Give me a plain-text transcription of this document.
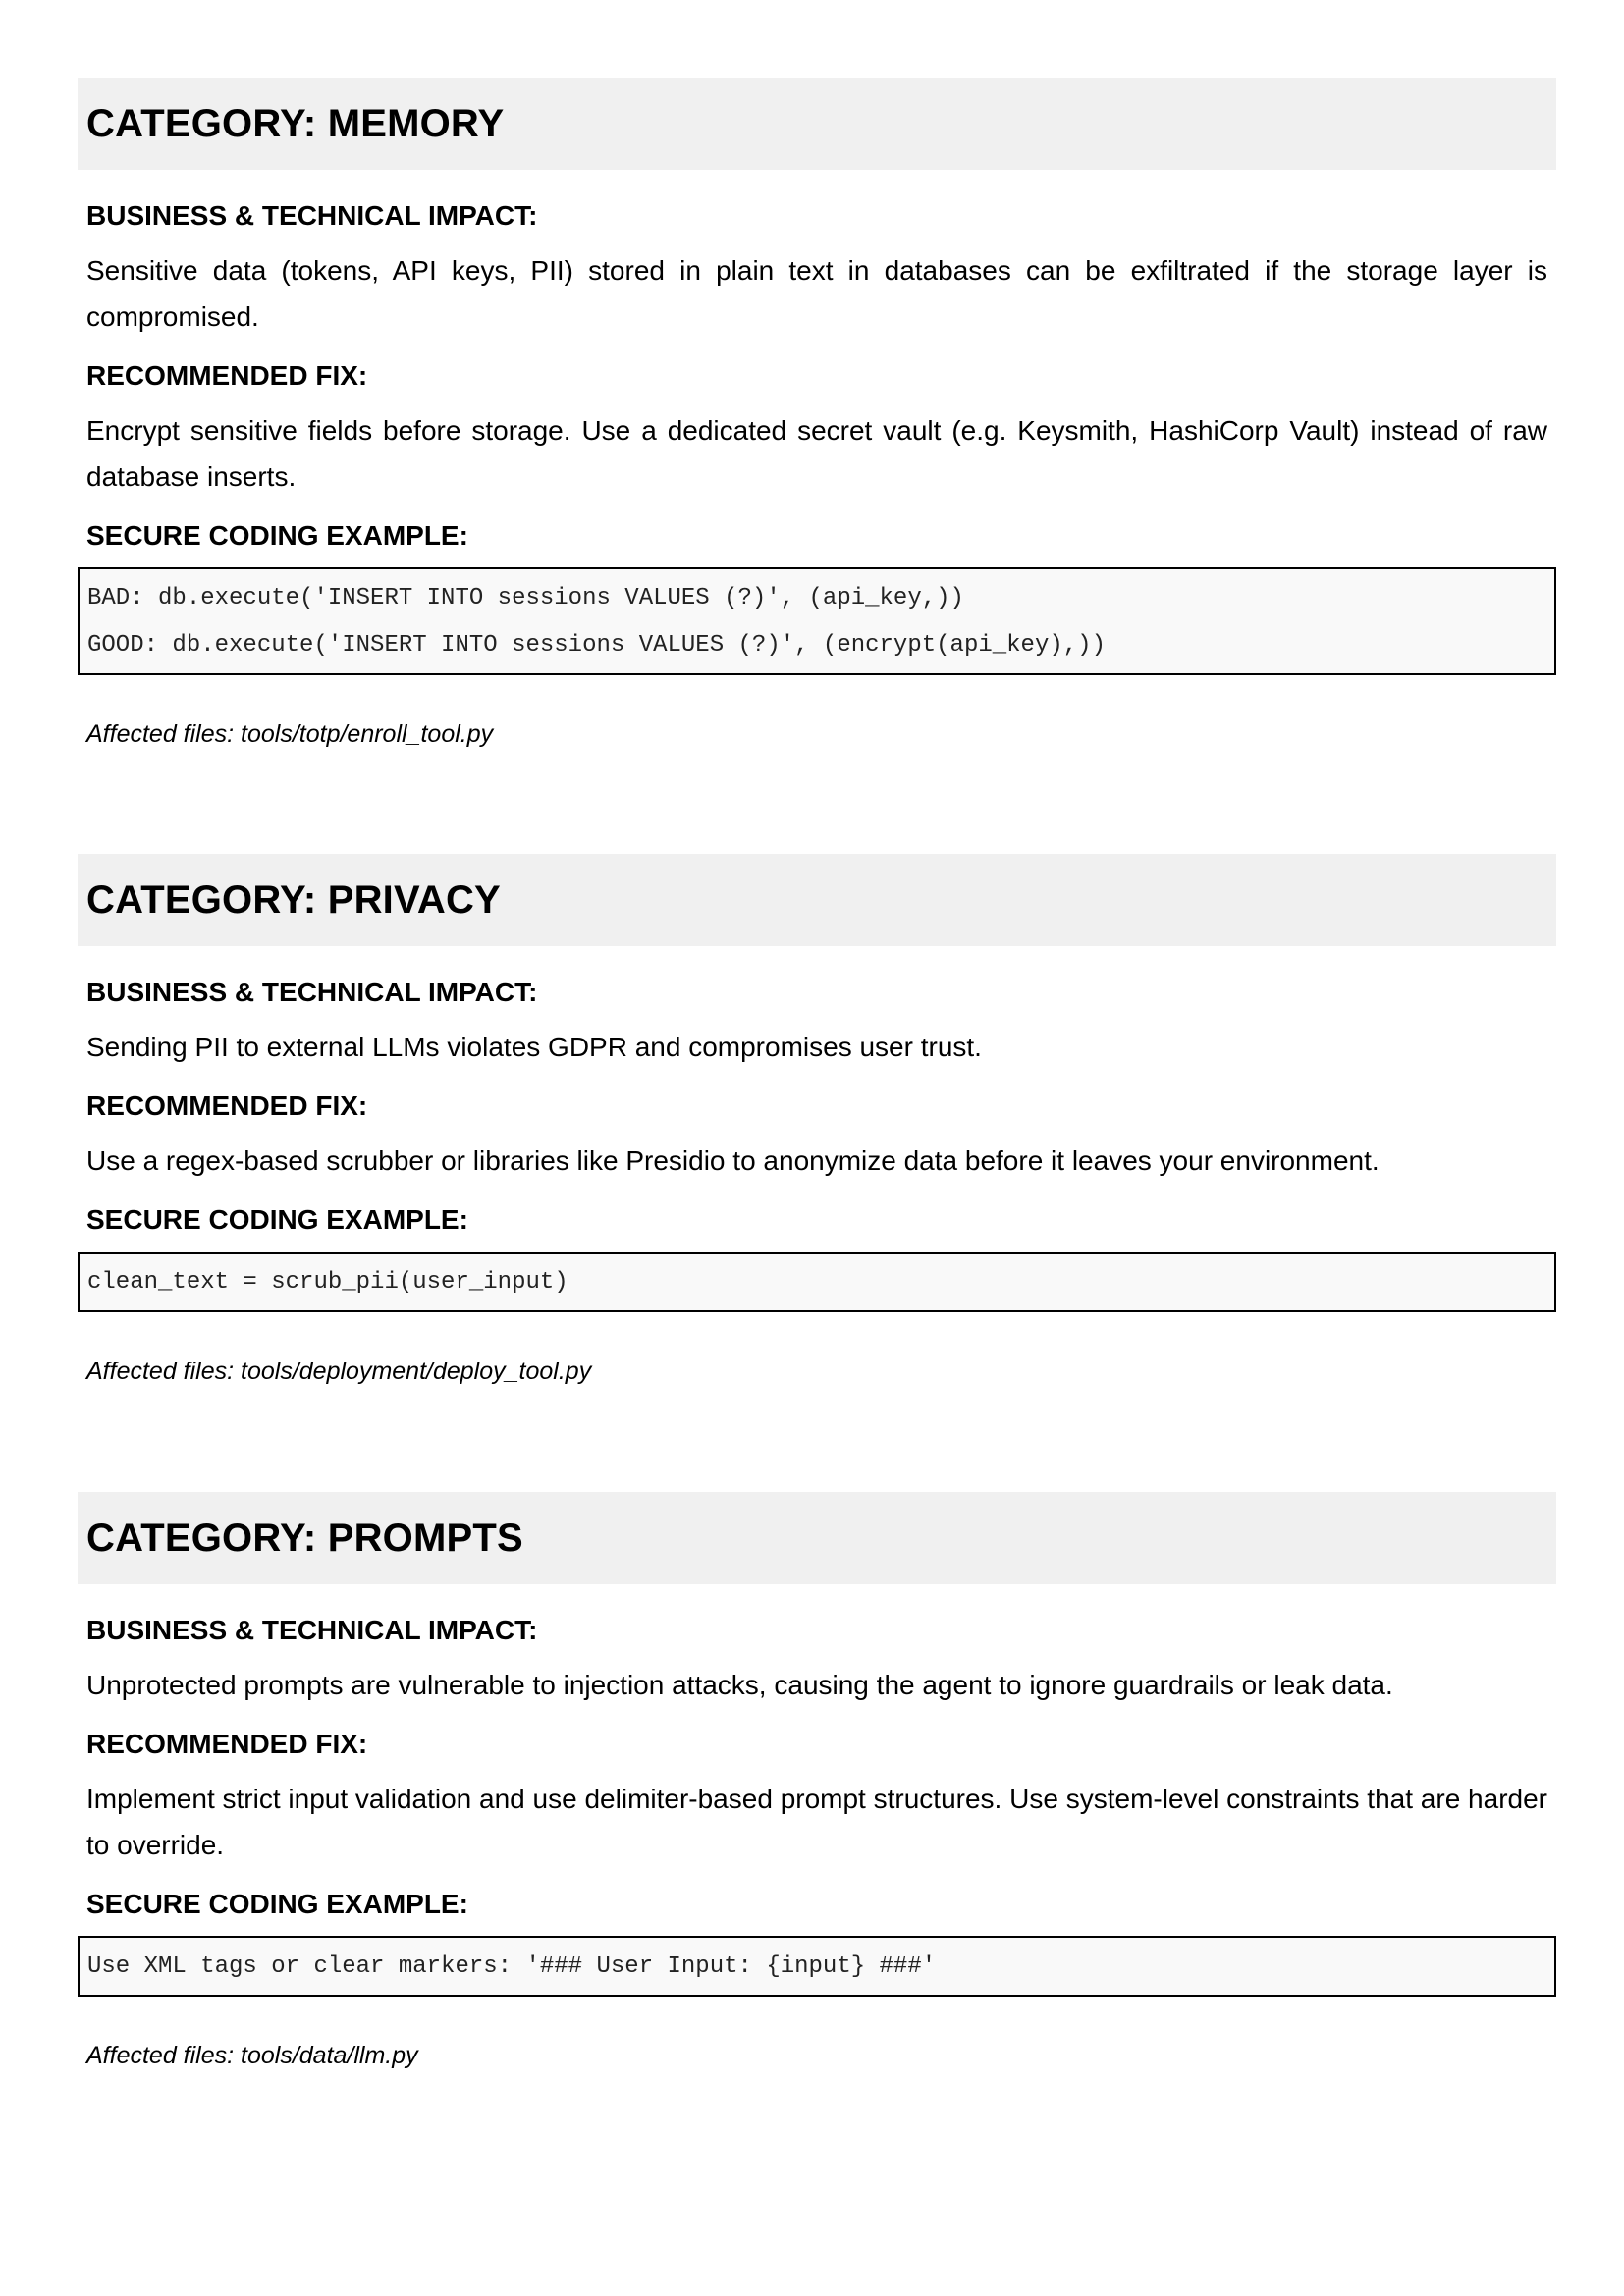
CATEGORY: MEMORY
BUSINESS & TECHNICAL IMPACT:
Sensitive data (tokens, API keys, PII) stored in plain text in databases can be exfiltrated if the storage layer is compromised.
RECOMMENDED FIX:
Encrypt sensitive fields before storage. Use a dedicated secret vault (e.g. Keysmith, HashiCorp Vault) instead of raw database inserts.
SECURE CODING EXAMPLE:
BAD: db.execute('INSERT INTO sessions VALUES (?)', (api_key,))
GOOD: db.execute('INSERT INTO sessions VALUES (?)', (encrypt(api_key),))
Affected files: tools/totp/enroll_tool.py
CATEGORY: PRIVACY
BUSINESS & TECHNICAL IMPACT:
Sending PII to external LLMs violates GDPR and compromises user trust.
RECOMMENDED FIX:
Use a regex-based scrubber or libraries like Presidio to anonymize data before it leaves your environment.
SECURE CODING EXAMPLE:
clean_text = scrub_pii(user_input)
Affected files: tools/deployment/deploy_tool.py
CATEGORY: PROMPTS
BUSINESS & TECHNICAL IMPACT:
Unprotected prompts are vulnerable to injection attacks, causing the agent to ignore guardrails or leak data.
RECOMMENDED FIX:
Implement strict input validation and use delimiter-based prompt structures. Use system-level constraints that are harder to override.
SECURE CODING EXAMPLE:
Use XML tags or clear markers: '### User Input: {input} ###'
Affected files: tools/data/llm.py
